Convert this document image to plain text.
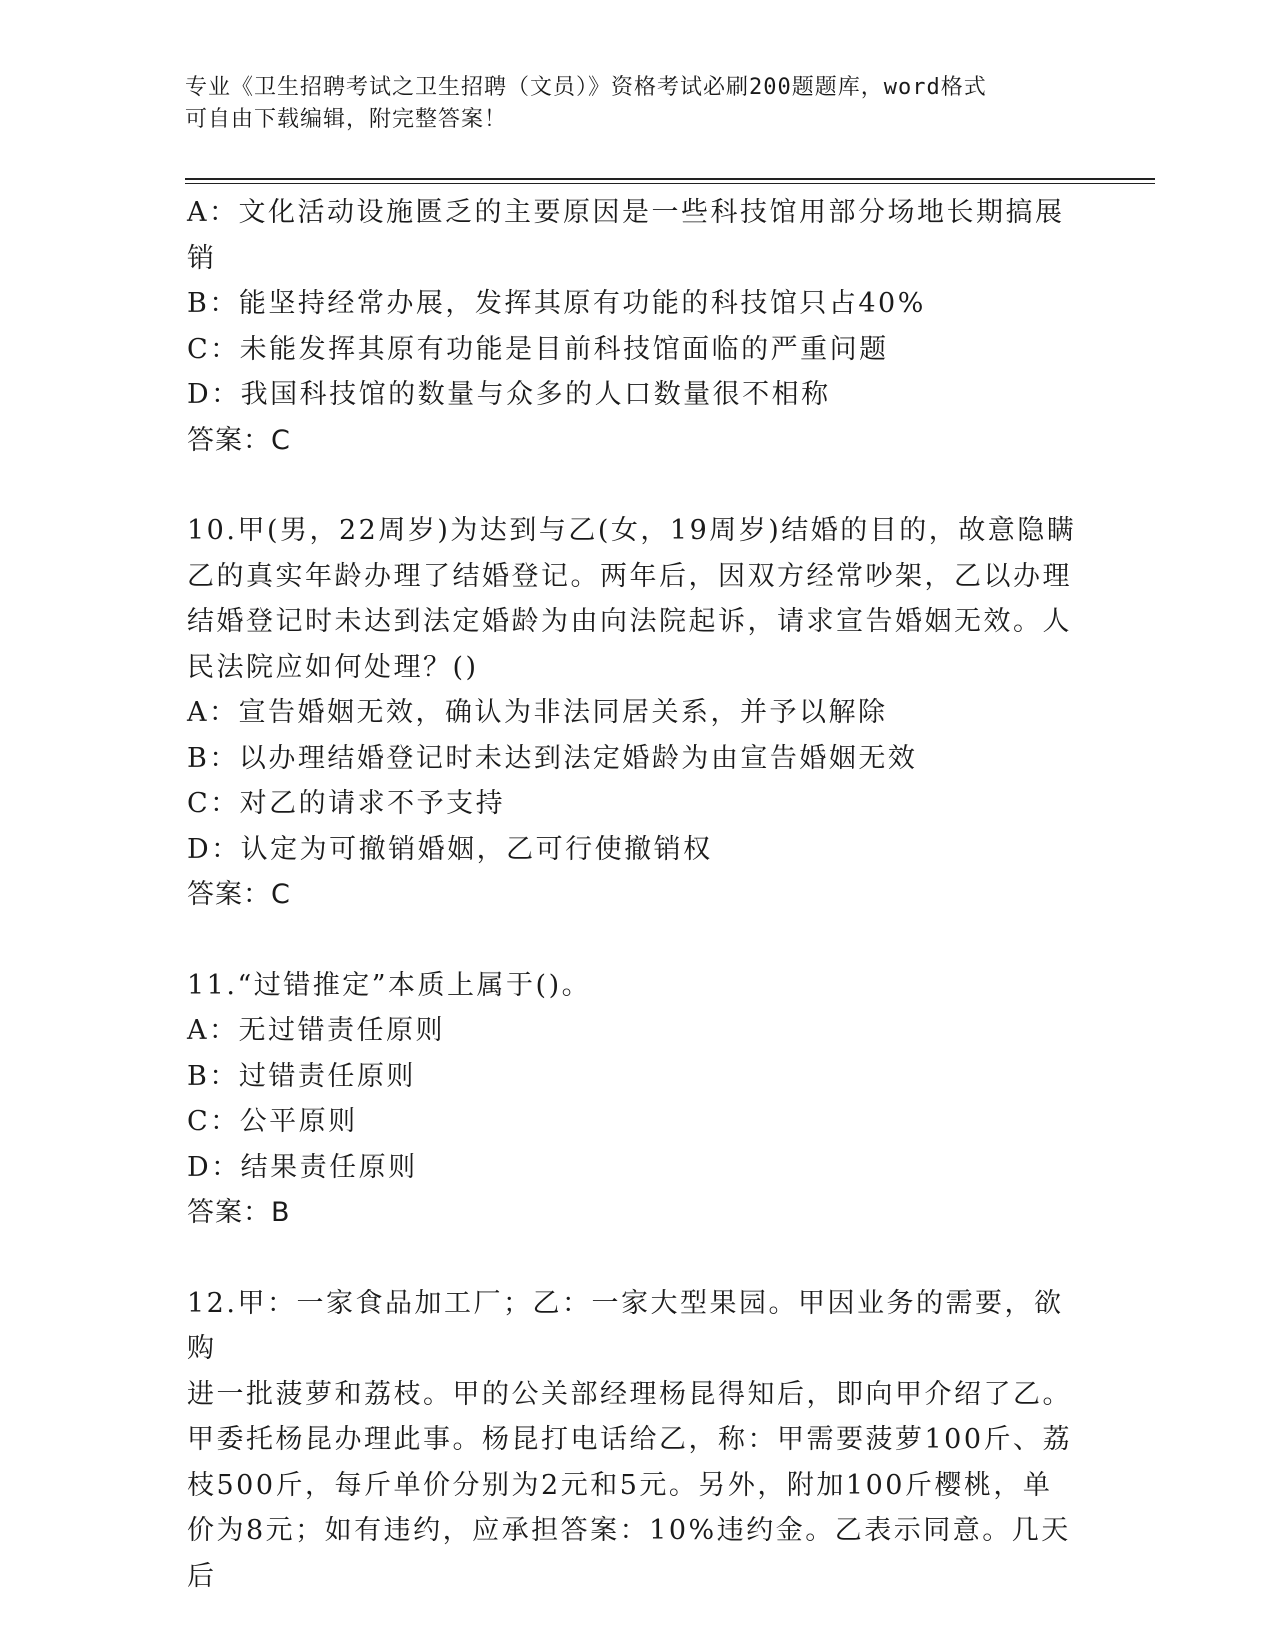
专业《卫生招聘考试之卫生招聘（文员）》资格考试必刷200题题库，word格式
可自由下载编辑，附完整答案！

A：文化活动设施匮乏的主要原因是一些科技馆用部分场地长期搞展销

B：能坚持经常办展，发挥其原有功能的科技馆只占40%

C：未能发挥其原有功能是目前科技馆面临的严重问题

D：我国科技馆的数量与众多的人口数量很不相称

答案：C

10.甲(男，22周岁)为达到与乙(女，19周岁)结婚的目的，故意隐瞒

乙的真实年龄办理了结婚登记。两年后，因双方经常吵架，乙以办理

结婚登记时未达到法定婚龄为由向法院起诉，请求宣告婚姻无效。人

民法院应如何处理？()

A：宣告婚姻无效，确认为非法同居关系，并予以解除

B：以办理结婚登记时未达到法定婚龄为由宣告婚姻无效

C：对乙的请求不予支持

D：认定为可撤销婚姻，乙可行使撤销权

答案：C

11.“过错推定”本质上属于()。

A：无过错责任原则

B：过错责任原则

C：公平原则

D：结果责任原则

答案：B

12.甲：一家食品加工厂；乙：一家大型果园。甲因业务的需要，欲购

进一批菠萝和荔枝。甲的公关部经理杨昆得知后，即向甲介绍了乙。

甲委托杨昆办理此事。杨昆打电话给乙，称：甲需要菠萝100斤、荔

枝500斤，每斤单价分别为2元和5元。另外，附加100斤樱桃，单

价为8元；如有违约，应承担答案：10%违约金。乙表示同意。几天后
